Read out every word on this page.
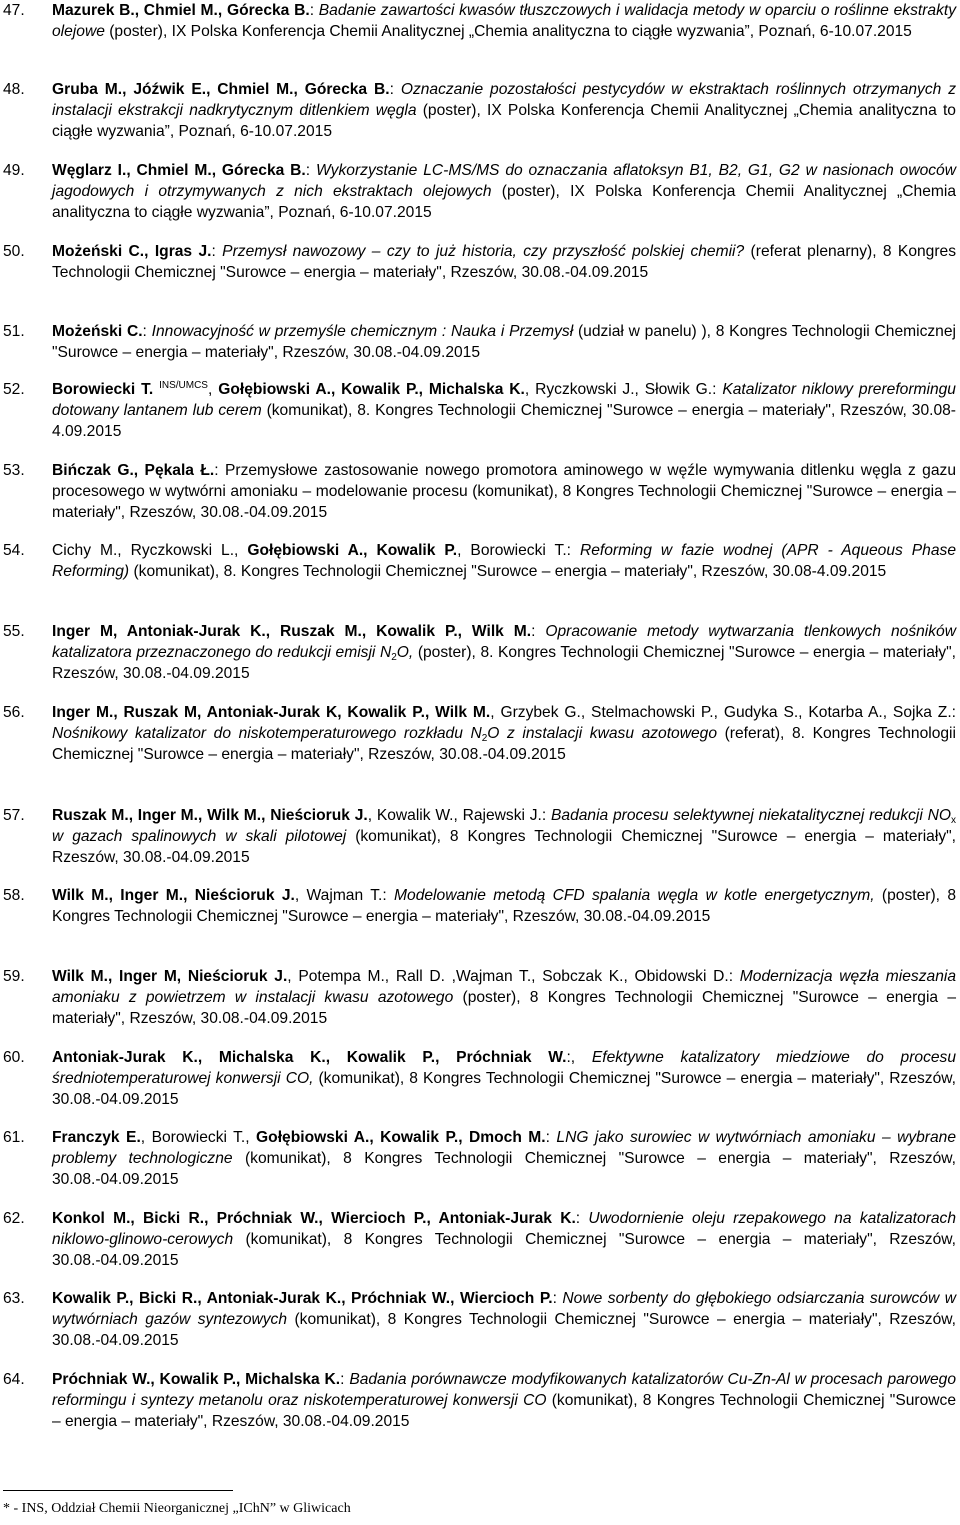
47.	Mazurek B., Chmiel M., Górecka B.: Badanie zawartości kwasów tłuszczowych i walidacja metody w oparciu o roślinne ekstrakty olejowe (poster), IX Polska Konferencja Chemii Analitycznej „Chemia analityczna to ciągłe wyzwania”, Poznań, 6-10.07.2015
48.	Gruba M., Jóźwik E., Chmiel M., Górecka B.: Oznaczanie pozostałości pestycydów w ekstraktach roślinnych otrzymanych z instalacji ekstrakcji nadkrytycznym ditlenkiem węgla (poster), IX Polska Konferencja Chemii Analitycznej „Chemia analityczna to ciągłe wyzwania”, Poznań, 6-10.07.2015
49.	Węglarz I., Chmiel M., Górecka B.: Wykorzystanie LC-MS/MS do oznaczania aflatoksyn B1, B2, G1, G2 w nasionach owoców jagodowych i otrzymywanych z nich ekstraktach olejowych (poster), IX Polska Konferencja Chemii Analitycznej „Chemia analityczna to ciągłe wyzwania”, Poznań, 6-10.07.2015
50.	Możeński C., Igras J.: Przemysł nawozowy – czy to już historia, czy przyszłość polskiej chemii? (referat plenarny), 8 Kongres Technologii Chemicznej "Surowce – energia – materiały", Rzeszów, 30.08.-04.09.2015
51.	Możeński C.: Innowacyjność w przemyśle chemicznym : Nauka i Przemysł (udział w panelu) ), 8 Kongres Technologii Chemicznej "Surowce – energia – materiały", Rzeszów, 30.08.-04.09.2015
52.	Borowiecki T. $^{INS/UMCS}$, Gołębiowski A., Kowalik P., Michalska K., Ryczkowski J., Słowik G.: Katalizator niklowy prereformingu dotowany lantanem lub cerem (komunikat), 8. Kongres Technologii Chemicznej "Surowce – energia – materiały", Rzeszów, 30.08-4.09.2015
53.	Bińczak G., Pękala Ł.: Przemysłowe zastosowanie nowego promotora aminowego w węźle wymywania ditlenku węgla z gazu procesowego w wytwórni amoniaku – modelowanie procesu (komunikat), 8 Kongres Technologii Chemicznej "Surowce – energia – materiały", Rzeszów, 30.08.-04.09.2015
54.	Cichy M., Ryczkowski L., Gołębiowski A., Kowalik P., Borowiecki T.: Reforming w fazie wodnej (APR - Aqueous Phase Reforming) (komunikat), 8. Kongres Technologii Chemicznej "Surowce – energia – materiały", Rzeszów, 30.08-4.09.2015
55.	Inger M, Antoniak-Jurak K., Ruszak M., Kowalik P., Wilk M.: Opracowanie metody wytwarzania tlenkowych nośników katalizatora przeznaczonego do redukcji emisji $N_2O$, (poster), 8. Kongres Technologii Chemicznej "Surowce – energia – materiały", Rzeszów, 30.08.-04.09.2015
56.	Inger M., Ruszak M, Antoniak-Jurak K, Kowalik P., Wilk M., Grzybek G., Stelmachowski P., Gudyka S., Kotarba A., Sojka Z.: Nośnikowy katalizator do niskotemperaturowego rozkładu $N_2O$ z instalacji kwasu azotowego (referat), 8. Kongres Technologii Chemicznej "Surowce – energia – materiały", Rzeszów, 30.08.-04.09.2015
57.	Ruszak M., Inger M., Wilk M., Nieścioruk J., Kowalik W., Rajewski J.: Badania procesu selektywnej niekatalitycznej redukcji $NO_x$ w gazach spalinowych w skali pilotowej (komunikat), 8 Kongres Technologii Chemicznej "Surowce – energia – materiały", Rzeszów, 30.08.-04.09.2015
58.	Wilk M., Inger M., Nieścioruk J., Wajman T.: Modelowanie metodą CFD spalania węgla w kotle energetycznym, (poster), 8 Kongres Technologii Chemicznej "Surowce – energia – materiały", Rzeszów, 30.08.-04.09.2015
59.	Wilk M., Inger M, Nieścioruk J., Potempa M., Rall D. ,Wajman T., Sobczak K., Obidowski D.: Modernizacja węzła mieszania amoniaku z powietrzem w instalacji kwasu azotowego (poster), 8 Kongres Technologii Chemicznej "Surowce – energia – materiały", Rzeszów, 30.08.-04.09.2015
60.	Antoniak-Jurak K., Michalska K., Kowalik P., Próchniak W.:, Efektywne katalizatory miedziowe do procesu średniotemperaturowej konwersji CO, (komunikat), 8 Kongres Technologii Chemicznej "Surowce – energia – materiały", Rzeszów, 30.08.-04.09.2015
61.	Franczyk E., Borowiecki T., Gołębiowski A., Kowalik P., Dmoch M.: LNG jako surowiec w wytwórniach amoniaku – wybrane problemy technologiczne (komunikat), 8 Kongres Technologii Chemicznej "Surowce – energia – materiały", Rzeszów, 30.08.-04.09.2015
62.	Konkol M., Bicki R., Próchniak W., Wiercioch P., Antoniak-Jurak K.: Uwodornienie oleju rzepakowego na katalizatorach niklowo-glinowo-cerowych (komunikat), 8 Kongres Technologii Chemicznej "Surowce – energia – materiały", Rzeszów, 30.08.-04.09.2015
63.	Kowalik P., Bicki R., Antoniak-Jurak K., Próchniak W., Wiercioch P.: Nowe sorbenty do głębokiego odsiarczania surowców w wytwórniach gazów syntezowych (komunikat), 8 Kongres Technologii Chemicznej "Surowce – energia – materiały", Rzeszów, 30.08.-04.09.2015
64.	Próchniak W., Kowalik P., Michalska K.: Badania porównawcze modyfikowanych katalizatorów Cu-Zn-Al w procesach parowego reformingu i syntezy metanolu oraz niskotemperaturowej konwersji CO (komunikat), 8 Kongres Technologii Chemicznej "Surowce – energia – materiały", Rzeszów, 30.08.-04.09.2015
* - INS, Oddział Chemii Nieorganicznej „IChN” w Gliwicach
